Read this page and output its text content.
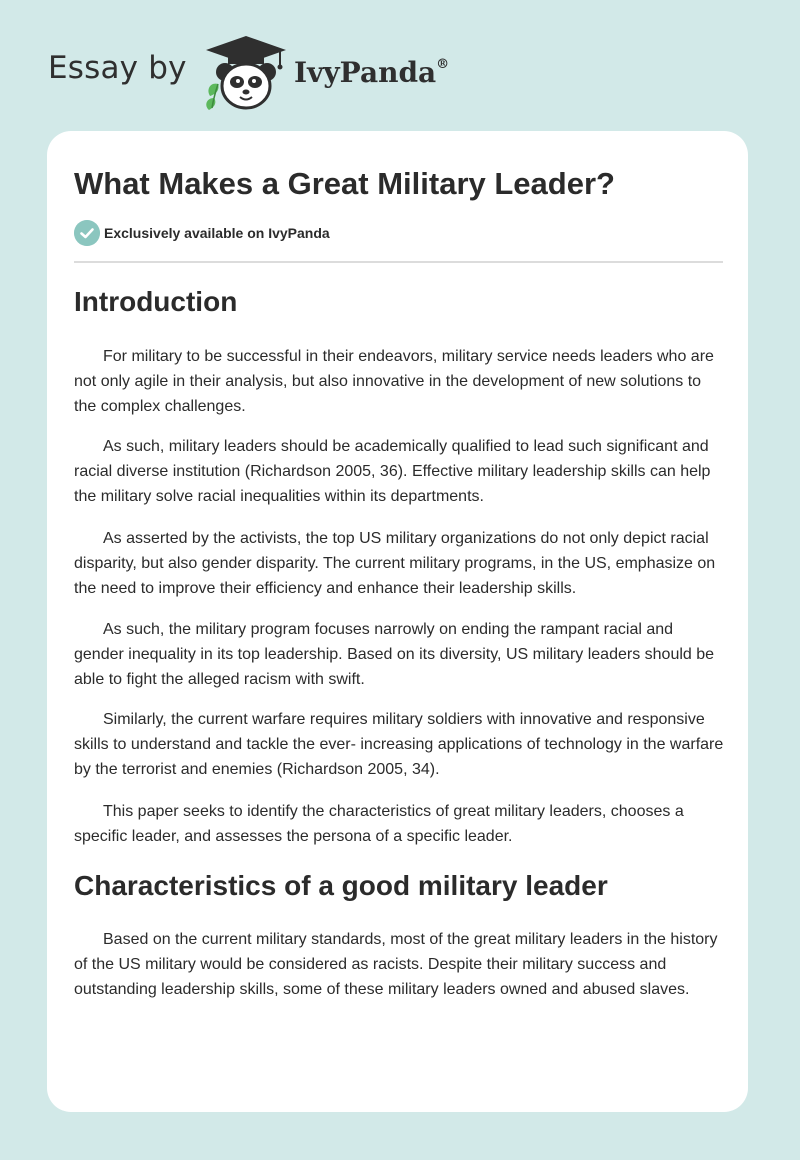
Essay by	IvyPanda®
What Makes a Great Military Leader?
Exclusively available on IvyPanda
Introduction

For military to be successful in their endeavors, military service needs leaders who are not only agile in their analysis, but also innovative in the development of new solutions to the complex challenges.

As such, military leaders should be academically qualified to lead such significant and racial diverse institution (Richardson 2005, 36). Effective military leadership skills can help the military solve racial inequalities within its departments.

As asserted by the activists, the top US military organizations do not only depict racial disparity, but also gender disparity. The current military programs, in the US, emphasize on the need to improve their efficiency and enhance their leadership skills.

As such, the military program focuses narrowly on ending the rampant racial and gender inequality in its top leadership. Based on its diversity, US military leaders should be able to fight the alleged racism with swift.

Similarly, the current warfare requires military soldiers with innovative and responsive skills to understand and tackle the ever- increasing applications of technology in the warfare by the terrorist and enemies (Richardson 2005, 34).

This paper seeks to identify the characteristics of great military leaders, chooses a specific leader, and assesses the persona of a specific leader.

Characteristics of a good military leader

Based on the current military standards, most of the great military leaders in the history of the US military would be considered as racists. Despite their military success and outstanding leadership skills, some of these military leaders owned and abused slaves.
